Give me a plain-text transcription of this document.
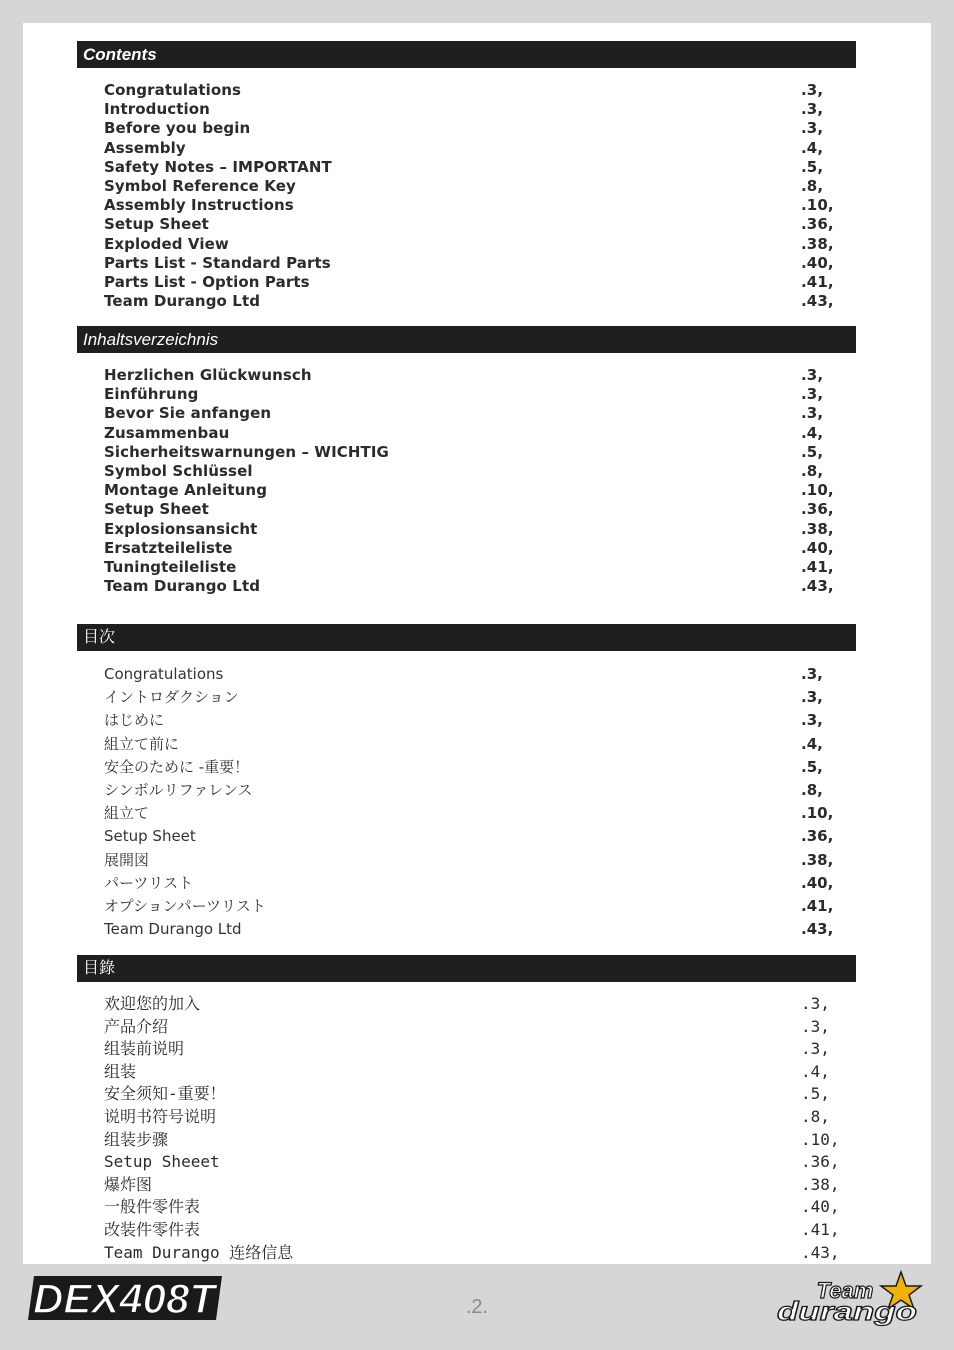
Contents
Congratulations	.3,
Introduction	.3,
Before you begin	.3,
Assembly	.4,
Safety Notes – IMPORTANT	.5,
Symbol Reference Key	.8,
Assembly Instructions	.10,
Setup Sheet	.36,
Exploded View	.38,
Parts List - Standard Parts	.40,
Parts List - Option Parts	.41,
Team Durango Ltd	.43,
Inhaltsverzeichnis
Herzlichen Glückwunsch	.3,
Einführung	.3,
Bevor Sie anfangen	.3,
Zusammenbau	.4,
Sicherheitswarnungen – WICHTIG	.5,
Symbol Schlüssel	.8,
Montage Anleitung	.10,
Setup Sheet	.36,
Explosionsansicht	.38,
Ersatzteileliste	.40,
Tuningteileliste	.41,
Team Durango Ltd	.43,
目次
Congratulations	.3,
イントロダクション	.3,
はじめに	.3,
組立て前に	.4,
安全のために -重要！	.5,
シンボルリファレンス	.8,
組立て	.10,
Setup Sheet	.36,
展開図	.38,
パーツリスト	.40,
オプションパーツリスト	.41,
Team Durango Ltd	.43,
目錄
欢迎您的加入	.3,
产品介绍	.3,
组装前说明	.3,
组装	.4,
安全须知-重要！	.5,
说明书符号说明	.8,
组装步骤	.10,
Setup Sheeet	.36,
爆炸图	.38,
一般件零件表	.40,
改装件零件表	.41,
Team Durango 连络信息	.43,
DEX408T	.2.
Team
durango
